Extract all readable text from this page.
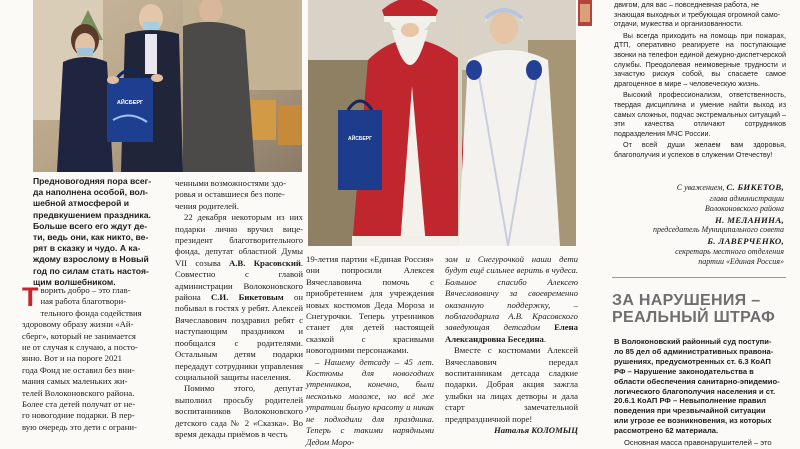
АЙСБЕРГ
АЙСБЕРГ
Предновогодняя пора всег-
да наполнена особой, вол-
шебной атмосферой и
предвкушением праздника.
Больше всего его ждут де-
ти, ведь они, как никто, ве-
рят в сказку и чудо. А ка-
ждому взрослому в Новый
год по силам стать настоя-
щим волшебником.
Т ворить добро – это глав-
ная работа благотвори-
тельного фонда содействия
здоровому образу жизни «Ай-
сберг», который не занимается
не от случая к случаю, а посто-
янно. Вот и на пороге 2021
года Фонд не оставил без вни-
мания самых маленьких жи-
телей Волоконовского района.
Более ста детей получат от не-
го новогодние подарки. В пер-
вую очередь это дети с ограни-
ченными возможностями здо-
ровья и оставшиеся без попе-
чения родителей.

22 декабря некоторым из них подарки лично вручил вице-президент благотворительного фонда, депутат областной Думы VII созыва А.В. Красовский. Совместно с главой администрации Волоконовского района С.И. Бикетовым он побывал в гостях у ребят. Алексей Вячеславович поздравил ребят с наступающим праздником и пообщался с родителями. Остальным детям подарки передадут сотрудники управления социальной защиты населения.

Помимо этого, депутат выполнил просьбу родителей воспитанников Волоконовского детского сада № 2 «Сказка». Во время декады приёмов в честь

19-летия партии «Единая Россия» они попросили Алексея Вячеславовича помочь с приобретением для учреждения новых костюмов Деда Мороза и Снегурочки. Теперь утренников станет для детей настоящей сказкой с красивыми новогодними персонажами.

– Нашему детсаду – 45 лет. Костюмы для новогодних утренников, конечно, были несколько моложе, но всё же утратили былую красоту и никак не подходили для праздника. Теперь с такими нарядными Дедом Моро-

зом и Снегурочкой наши дети будут ещё сильнее верить в чудеса. Большое спасибо Алексею Вячеславовичу за своевременно оказанную поддержку, – поблагодарила А.В. Красовского заведующая детсадом Елена Александровна Беседина.

Вместе с костюмами Алексей Вячеславович передал воспитанникам детсада сладкие подарки. Добрая акция зажгла улыбки на лицах детворы и дала старт замечательной предпраздничной поре!

Наталья КОЛОМЫЦ
двигом, для вас – повседневная работа, не
знающая выходных и требующая огромной само-
отдачи, мужества и организованности.
Вы всегда приходить на помощь при пожарах, ДТП, оперативно реагируете на поступающие звонки на телефон единой дежурно-диспетчерской службы. Преодолевая неимоверные трудности и зачастую рискуя собой, вы спасаете самое драгоценное в мире – человеческую жизнь.
Высокий профессионализм, ответственность, твердая дисциплина и умение найти выход из самых сложных, подчас экстремальных ситуаций – эти качества отличают сотрудников подразделения МЧС России.
От всей души желаем вам здоровья, благополучия и успехов в служении Отечеству!
С уважением, С. БИКЕТОВ,
глава администрации
Волоконовского района
Н. МЕЛАНИНА,
председатель Муниципального совета
Б. ЛАВЕРЧЕНКО,
секретарь местного отделения
партии «Единая Россия»
ЗА НАРУШЕНИЯ –
РЕАЛЬНЫЙ ШТРАФ
В Волоконовский районный суд поступи-
ло 85 дел об административных правона-
рушениях, предусмотренных ст. 6.3 КоАП
РФ – Нарушение законодательства в
области обеспечения санитарно-эпидемио-
логического благополучия населения и ст.
20.6.1 КоАП РФ – Невыполнение правил
поведения при чрезвычайной ситуации
или угрозе ее возникновения, из которых
рассмотрено 62 материала.
Основная масса правонарушителей – это
